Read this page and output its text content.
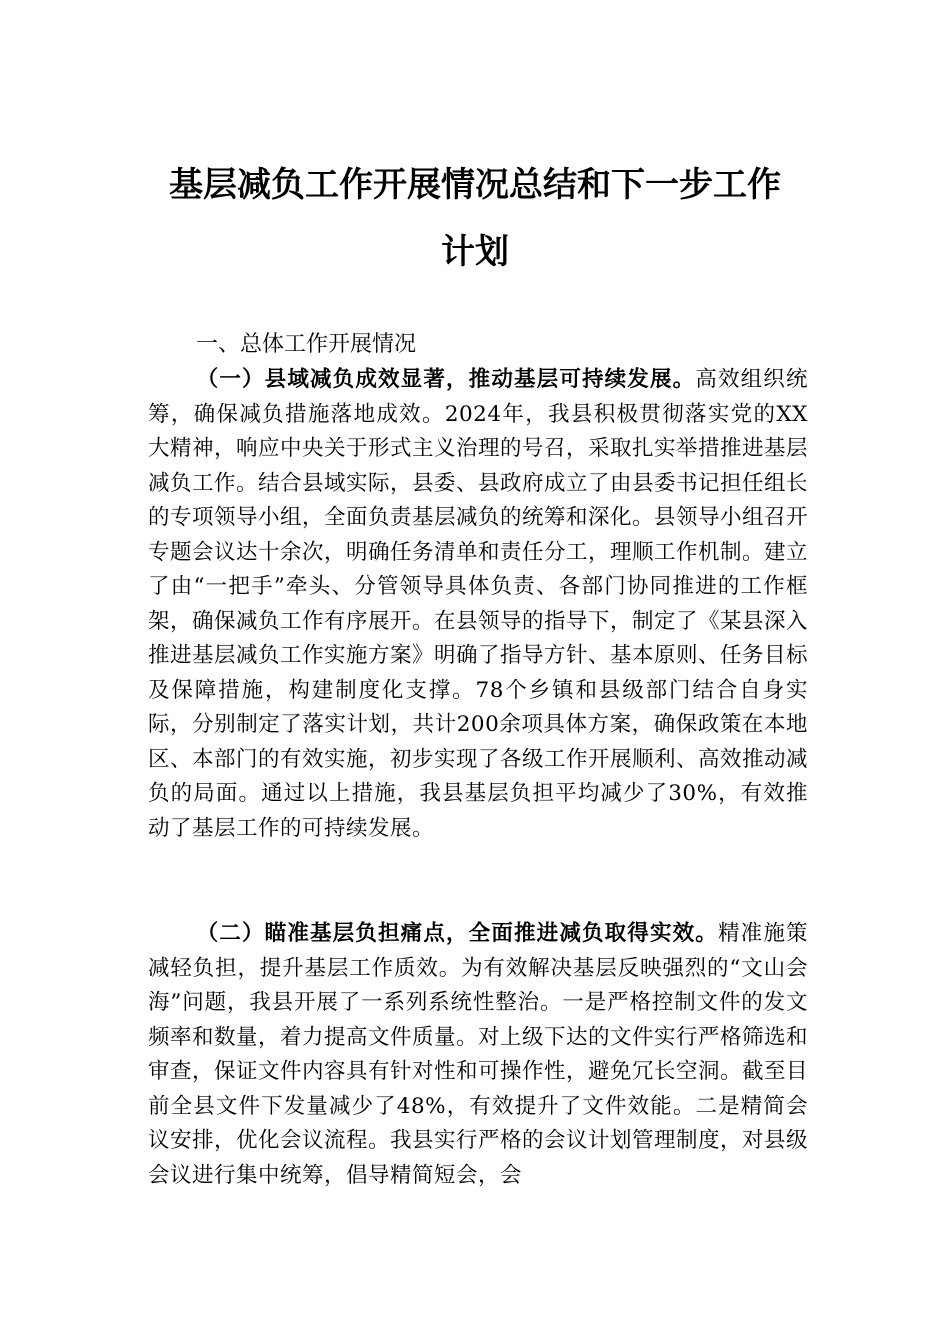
基层减负工作开展情况总结和下一步工作
计划
一、总体工作开展情况
（一）县域减负成效显著，推动基层可持续发展。高效组织统筹，确保减负措施落地成效。2024年，我县积极贯彻落实党的XX大精神，响应中央关于形式主义治理的号召，采取扎实举措推进基层减负工作。结合县域实际，县委、县政府成立了由县委书记担任组长的专项领导小组，全面负责基层减负的统筹和深化。县领导小组召开专题会议达十余次，明确任务清单和责任分工，理顺工作机制。建立了由“一把手”牵头、分管领导具体负责、各部门协同推进的工作框架，确保减负工作有序展开。在县领导的指导下，制定了《某县深入推进基层减负工作实施方案》明确了指导方针、基本原则、任务目标及保障措施，构建制度化支撑。78个乡镇和县级部门结合自身实际，分别制定了落实计划，共计200余项具体方案，确保政策在本地区、本部门的有效实施，初步实现了各级工作开展顺利、高效推动减负的局面。通过以上措施，我县基层负担平均减少了30%，有效推动了基层工作的可持续发展。
（二）瞄准基层负担痛点，全面推进减负取得实效。精准施策减轻负担，提升基层工作质效。为有效解决基层反映强烈的“文山会海”问题，我县开展了一系列系统性整治。一是严格控制文件的发文频率和数量，着力提高文件质量。对上级下达的文件实行严格筛选和审查，保证文件内容具有针对性和可操作性，避免冗长空洞。截至目前全县文件下发量减少了48%，有效提升了文件效能。二是精简会议安排，优化会议流程。我县实行严格的会议计划管理制度，对县级会议进行集中统筹，倡导精简短会，会
